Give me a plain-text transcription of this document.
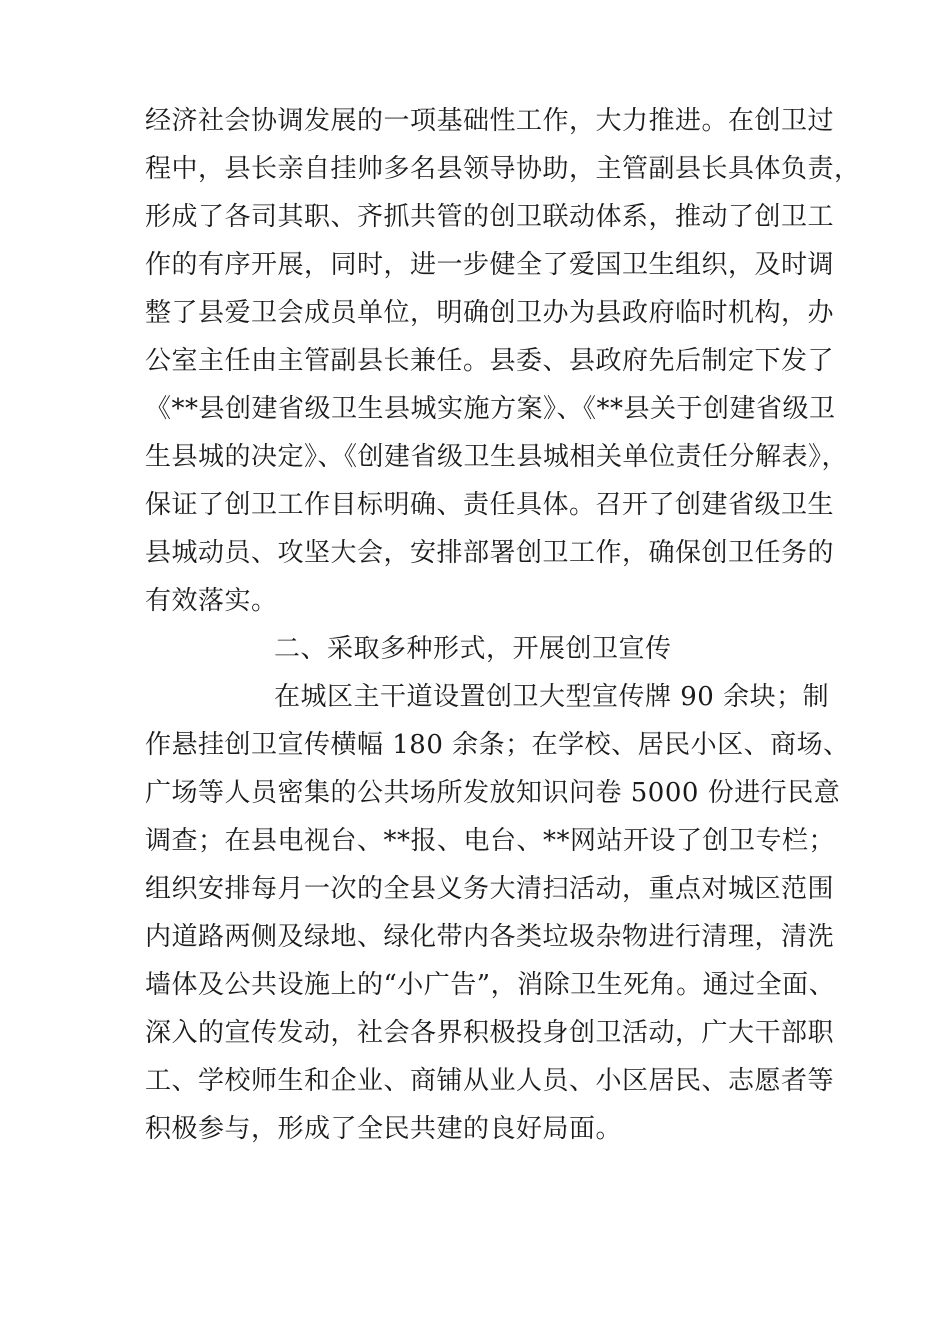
经济社会协调发展的一项基础性工作，大力推进。在创卫过
程中，县长亲自挂帅多名县领导协助，主管副县长具体负责，
形成了各司其职、齐抓共管的创卫联动体系，推动了创卫工
作的有序开展，同时，进一步健全了爱国卫生组织，及时调
整了县爱卫会成员单位，明确创卫办为县政府临时机构，办
公室主任由主管副县长兼任。县委、县政府先后制定下发了
《**县创建省级卫生县城实施方案》、《**县关于创建省级卫
生县城的决定》、《创建省级卫生县城相关单位责任分解表》，
保证了创卫工作目标明确、责任具体。召开了创建省级卫生
县城动员、攻坚大会，安排部署创卫工作，确保创卫任务的
有效落实。
二、采取多种形式，开展创卫宣传
在城区主干道设置创卫大型宣传牌 90 余块；制
作悬挂创卫宣传横幅 180 余条；在学校、居民小区、商场、
广场等人员密集的公共场所发放知识问卷 5000 份进行民意
调查；在县电视台、**报、电台、**网站开设了创卫专栏；
组织安排每月一次的全县义务大清扫活动，重点对城区范围
内道路两侧及绿地、绿化带内各类垃圾杂物进行清理，清洗
墙体及公共设施上的“小广告”，消除卫生死角。通过全面、
深入的宣传发动，社会各界积极投身创卫活动，广大干部职
工、学校师生和企业、商铺从业人员、小区居民、志愿者等
积极参与，形成了全民共建的良好局面。
